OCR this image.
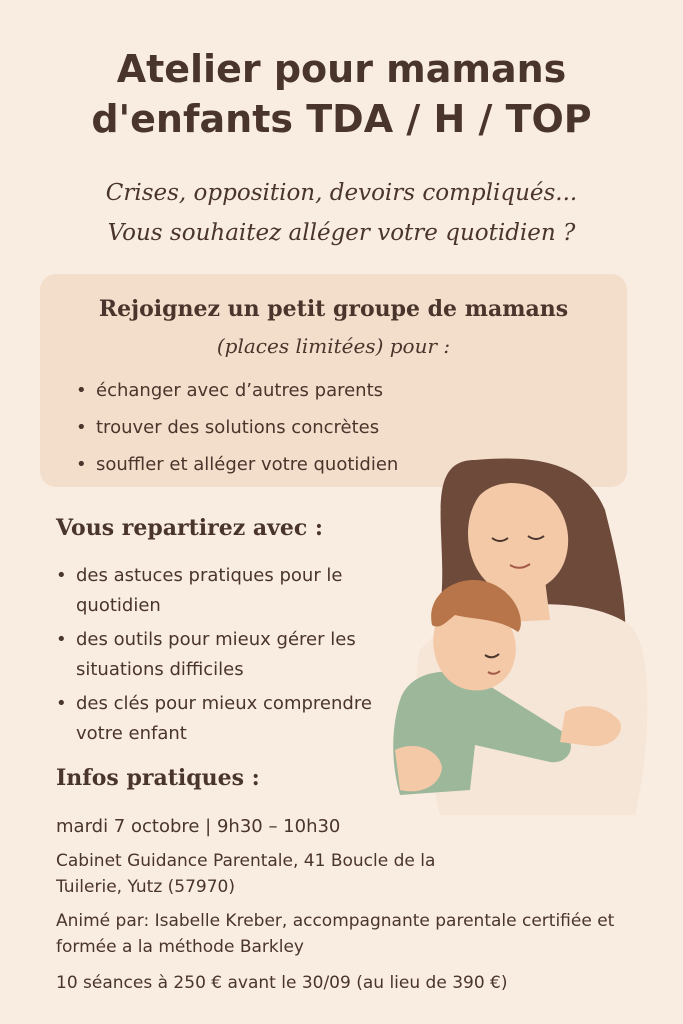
Atelier pour mamans
d'enfants TDA / H / TOP
Crises, opposition, devoirs compliqués...
Vous souhaitez alléger votre quotidien ?
Rejoignez un petit groupe de mamans
(places limitées) pour :
• échanger avec d’autres parents
• trouver des solutions concrètes
• souffler et alléger votre quotidien
Vous repartirez avec :
• des astuces pratiques pour le quotidien
• des outils pour mieux gérer les situations difficiles
• des clés pour mieux comprendre votre enfant
Infos pratiques :
mardi 7 octobre | 9h30 – 10h30
Cabinet Guidance Parentale, 41 Boucle de la Tuilerie, Yutz (57970)
Animé par: Isabelle Kreber, accompagnante parentale certifiée et formée a la méthode Barkley
10 séances à 250 € avant le 30/09 (au lieu de 390 €)
